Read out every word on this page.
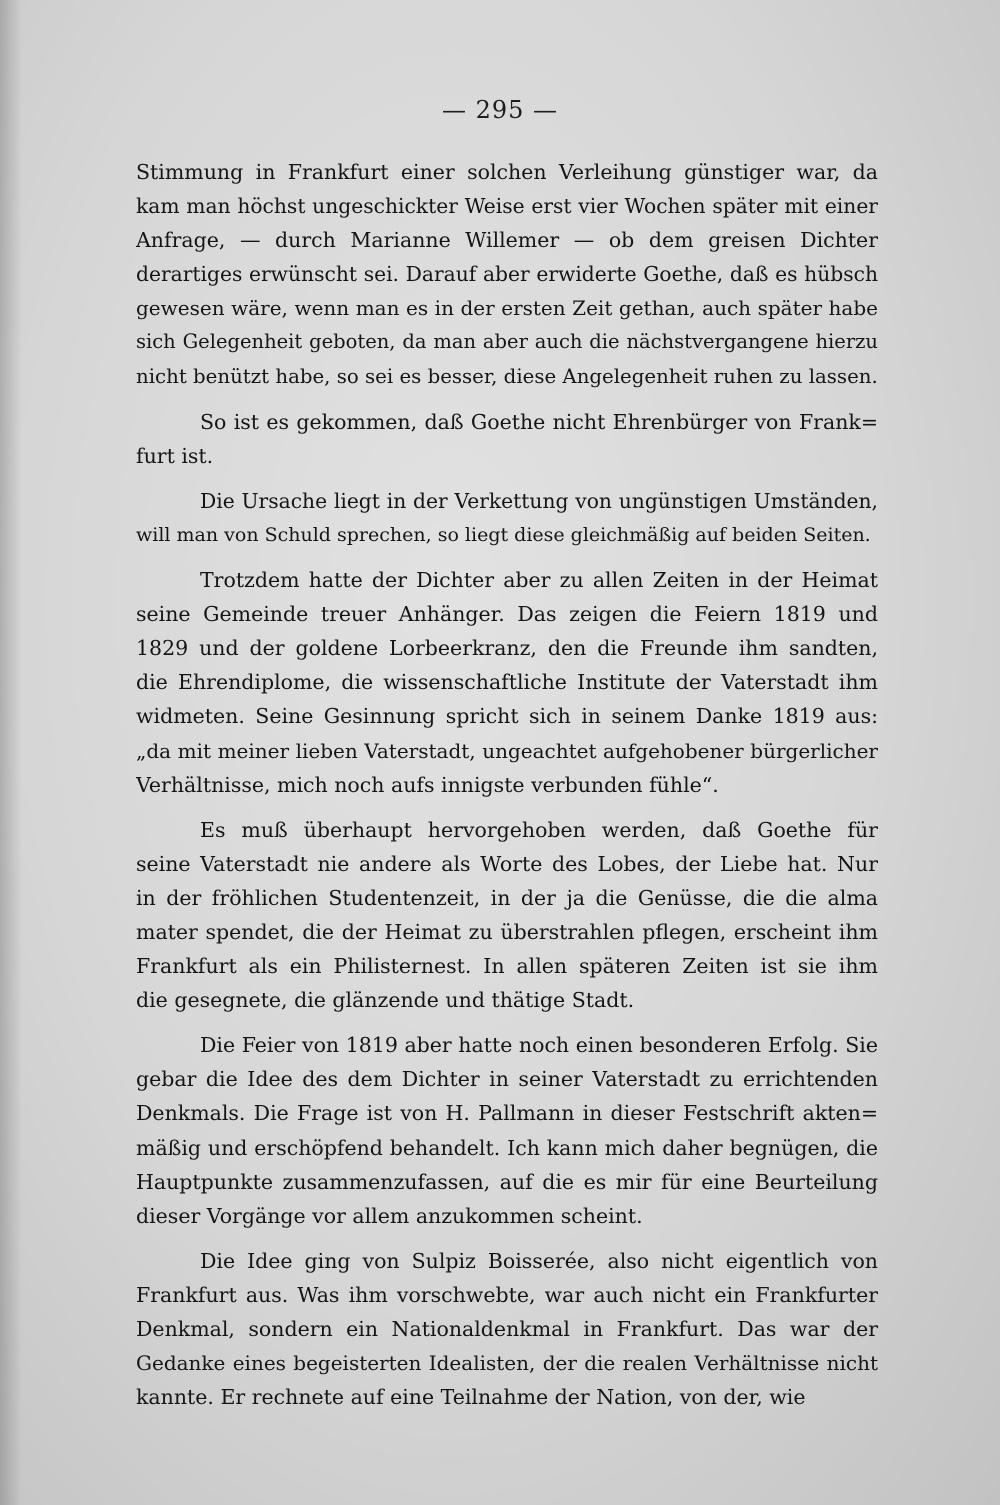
— 295 —
Stimmung in Frankfurt einer solchen Verleihung günstiger war, da
kam man höchst ungeschickter Weise erst vier Wochen später mit einer
Anfrage, — durch Marianne Willemer — ob dem greisen Dichter
derartiges erwünscht sei. Darauf aber erwiderte Goethe, daß es hübsch
gewesen wäre, wenn man es in der ersten Zeit gethan, auch später habe
sich Gelegenheit geboten, da man aber auch die nächstvergangene hierzu
nicht benützt habe, so sei es besser, diese Angelegenheit ruhen zu lassen.
So ist es gekommen, daß Goethe nicht Ehrenbürger von Frank=
furt ist.
Die Ursache liegt in der Verkettung von ungünstigen Umständen,
will man von Schuld sprechen, so liegt diese gleichmäßig auf beiden Seiten.
Trotzdem hatte der Dichter aber zu allen Zeiten in der Heimat
seine Gemeinde treuer Anhänger. Das zeigen die Feiern 1819 und
1829 und der goldene Lorbeerkranz, den die Freunde ihm sandten,
die Ehrendiplome, die wissenschaftliche Institute der Vaterstadt ihm
widmeten. Seine Gesinnung spricht sich in seinem Danke 1819 aus:
„da mit meiner lieben Vaterstadt, ungeachtet aufgehobener bürgerlicher
Verhältnisse, mich noch aufs innigste verbunden fühle“.
Es muß überhaupt hervorgehoben werden, daß Goethe für
seine Vaterstadt nie andere als Worte des Lobes, der Liebe hat. Nur
in der fröhlichen Studentenzeit, in der ja die Genüsse, die die alma
mater spendet, die der Heimat zu überstrahlen pflegen, erscheint ihm
Frankfurt als ein Philisternest. In allen späteren Zeiten ist sie ihm
die gesegnete, die glänzende und thätige Stadt.
Die Feier von 1819 aber hatte noch einen besonderen Erfolg. Sie
gebar die Idee des dem Dichter in seiner Vaterstadt zu errichtenden
Denkmals. Die Frage ist von H. Pallmann in dieser Festschrift akten=
mäßig und erschöpfend behandelt. Ich kann mich daher begnügen, die
Hauptpunkte zusammenzufassen, auf die es mir für eine Beurteilung
dieser Vorgänge vor allem anzukommen scheint.
Die Idee ging von Sulpiz Boisserée, also nicht eigentlich von
Frankfurt aus. Was ihm vorschwebte, war auch nicht ein Frankfurter
Denkmal, sondern ein Nationaldenkmal in Frankfurt. Das war der
Gedanke eines begeisterten Idealisten, der die realen Verhältnisse nicht
kannte. Er rechnete auf eine Teilnahme der Nation, von der, wie
